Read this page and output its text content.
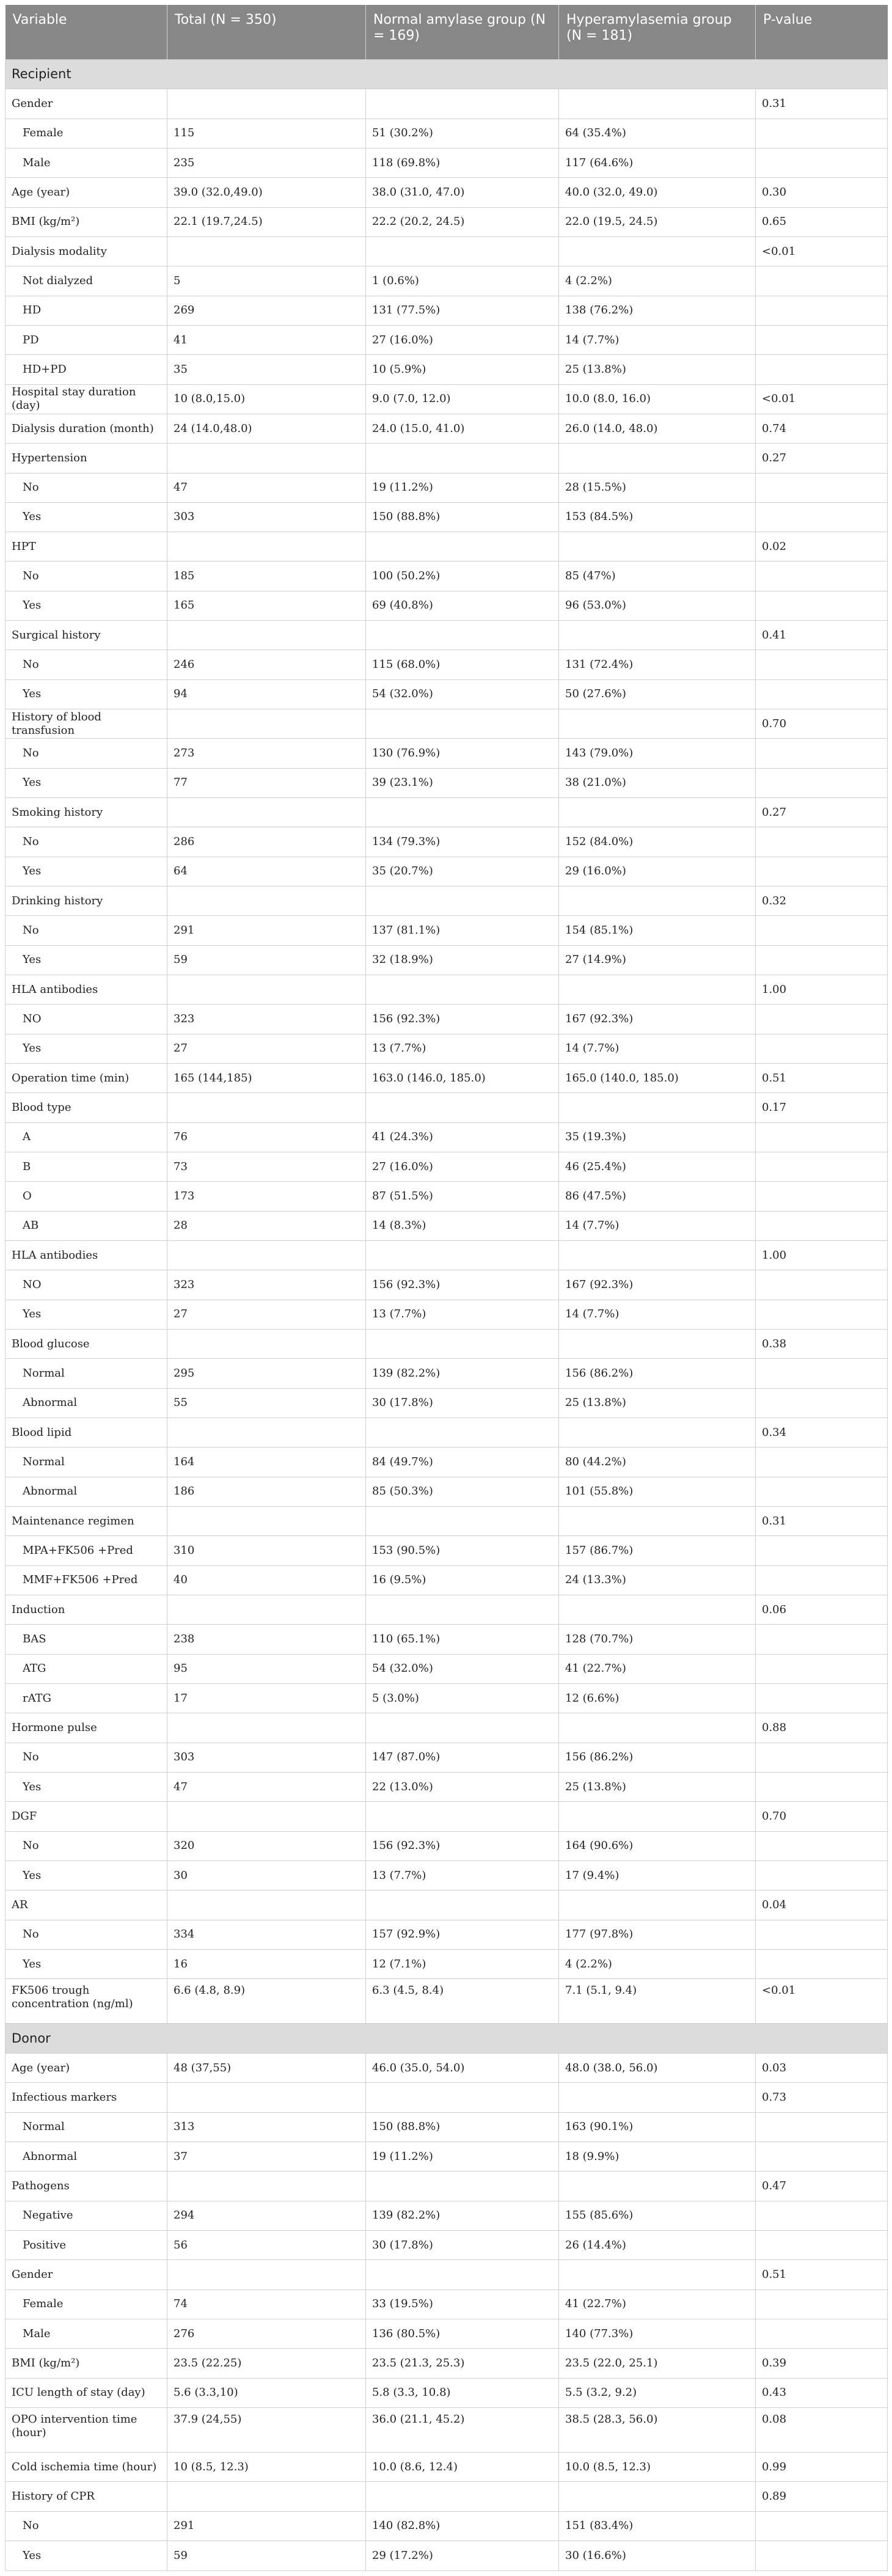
Variable	Total (N = 350)	Normal amylase group (N = 169)	Hyperamylasemia group (N = 181)	P-value
Recipient				
Gender				0.31
Female	115	51 (30.2%)	64 (35.4%)	
Male	235	118 (69.8%)	117 (64.6%)	
Age (year)	39.0 (32.0,49.0)	38.0 (31.0, 47.0)	40.0 (32.0, 49.0)	0.30
BMI (kg/m²)	22.1 (19.7,24.5)	22.2 (20.2, 24.5)	22.0 (19.5, 24.5)	0.65
Dialysis modality				<0.01
Not dialyzed	5	1 (0.6%)	4 (2.2%)	
HD	269	131 (77.5%)	138 (76.2%)	
PD	41	27 (16.0%)	14 (7.7%)	
HD+PD	35	10 (5.9%)	25 (13.8%)	
Hospital stay duration (day)	10 (8.0,15.0)	9.0 (7.0, 12.0)	10.0 (8.0, 16.0)	<0.01
Dialysis duration (month)	24 (14.0,48.0)	24.0 (15.0, 41.0)	26.0 (14.0, 48.0)	0.74
Hypertension				0.27
No	47	19 (11.2%)	28 (15.5%)	
Yes	303	150 (88.8%)	153 (84.5%)	
HPT				0.02
No	185	100 (50.2%)	85 (47%)	
Yes	165	69 (40.8%)	96 (53.0%)	
Surgical history				0.41
No	246	115 (68.0%)	131 (72.4%)	
Yes	94	54 (32.0%)	50 (27.6%)	
History of blood transfusion				0.70
No	273	130 (76.9%)	143 (79.0%)	
Yes	77	39 (23.1%)	38 (21.0%)	
Smoking history				0.27
No	286	134 (79.3%)	152 (84.0%)	
Yes	64	35 (20.7%)	29 (16.0%)	
Drinking history				0.32
No	291	137 (81.1%)	154 (85.1%)	
Yes	59	32 (18.9%)	27 (14.9%)	
HLA antibodies				1.00
NO	323	156 (92.3%)	167 (92.3%)	
Yes	27	13 (7.7%)	14 (7.7%)	
Operation time (min)	165 (144,185)	163.0 (146.0, 185.0)	165.0 (140.0, 185.0)	0.51
Blood type				0.17
A	76	41 (24.3%)	35 (19.3%)	
B	73	27 (16.0%)	46 (25.4%)	
O	173	87 (51.5%)	86 (47.5%)	
AB	28	14 (8.3%)	14 (7.7%)	
HLA antibodies				1.00
NO	323	156 (92.3%)	167 (92.3%)	
Yes	27	13 (7.7%)	14 (7.7%)	
Blood glucose				0.38
Normal	295	139 (82.2%)	156 (86.2%)	
Abnormal	55	30 (17.8%)	25 (13.8%)	
Blood lipid				0.34
Normal	164	84 (49.7%)	80 (44.2%)	
Abnormal	186	85 (50.3%)	101 (55.8%)	
Maintenance regimen				0.31
MPA+FK506 +Pred	310	153 (90.5%)	157 (86.7%)	
MMF+FK506 +Pred	40	16 (9.5%)	24 (13.3%)	
Induction				0.06
BAS	238	110 (65.1%)	128 (70.7%)	
ATG	95	54 (32.0%)	41 (22.7%)	
rATG	17	5 (3.0%)	12 (6.6%)	
Hormone pulse				0.88
No	303	147 (87.0%)	156 (86.2%)	
Yes	47	22 (13.0%)	25 (13.8%)	
DGF				0.70
No	320	156 (92.3%)	164 (90.6%)	
Yes	30	13 (7.7%)	17 (9.4%)	
AR				0.04
No	334	157 (92.9%)	177 (97.8%)	
Yes	16	12 (7.1%)	4 (2.2%)	
FK506 trough concentration (ng/ml)	6.6 (4.8, 8.9)	6.3 (4.5, 8.4)	7.1 (5.1, 9.4)	<0.01
Donor				
Age (year)	48 (37,55)	46.0 (35.0, 54.0)	48.0 (38.0, 56.0)	0.03
Infectious markers				0.73
Normal	313	150 (88.8%)	163 (90.1%)	
Abnormal	37	19 (11.2%)	18 (9.9%)	
Pathogens				0.47
Negative	294	139 (82.2%)	155 (85.6%)	
Positive	56	30 (17.8%)	26 (14.4%)	
Gender				0.51
Female	74	33 (19.5%)	41 (22.7%)	
Male	276	136 (80.5%)	140 (77.3%)	
BMI (kg/m²)	23.5 (22.25)	23.5 (21.3, 25.3)	23.5 (22.0, 25.1)	0.39
ICU length of stay (day)	5.6 (3.3,10)	5.8 (3.3, 10.8)	5.5 (3.2, 9.2)	0.43
OPO intervention time (hour)	37.9 (24,55)	36.0 (21.1, 45.2)	38.5 (28.3, 56.0)	0.08
Cold ischemia time (hour)	10 (8.5, 12.3)	10.0 (8.6, 12.4)	10.0 (8.5, 12.3)	0.99
History of CPR				0.89
No	291	140 (82.8%)	151 (83.4%)	
Yes	59	29 (17.2%)	30 (16.6%)	
